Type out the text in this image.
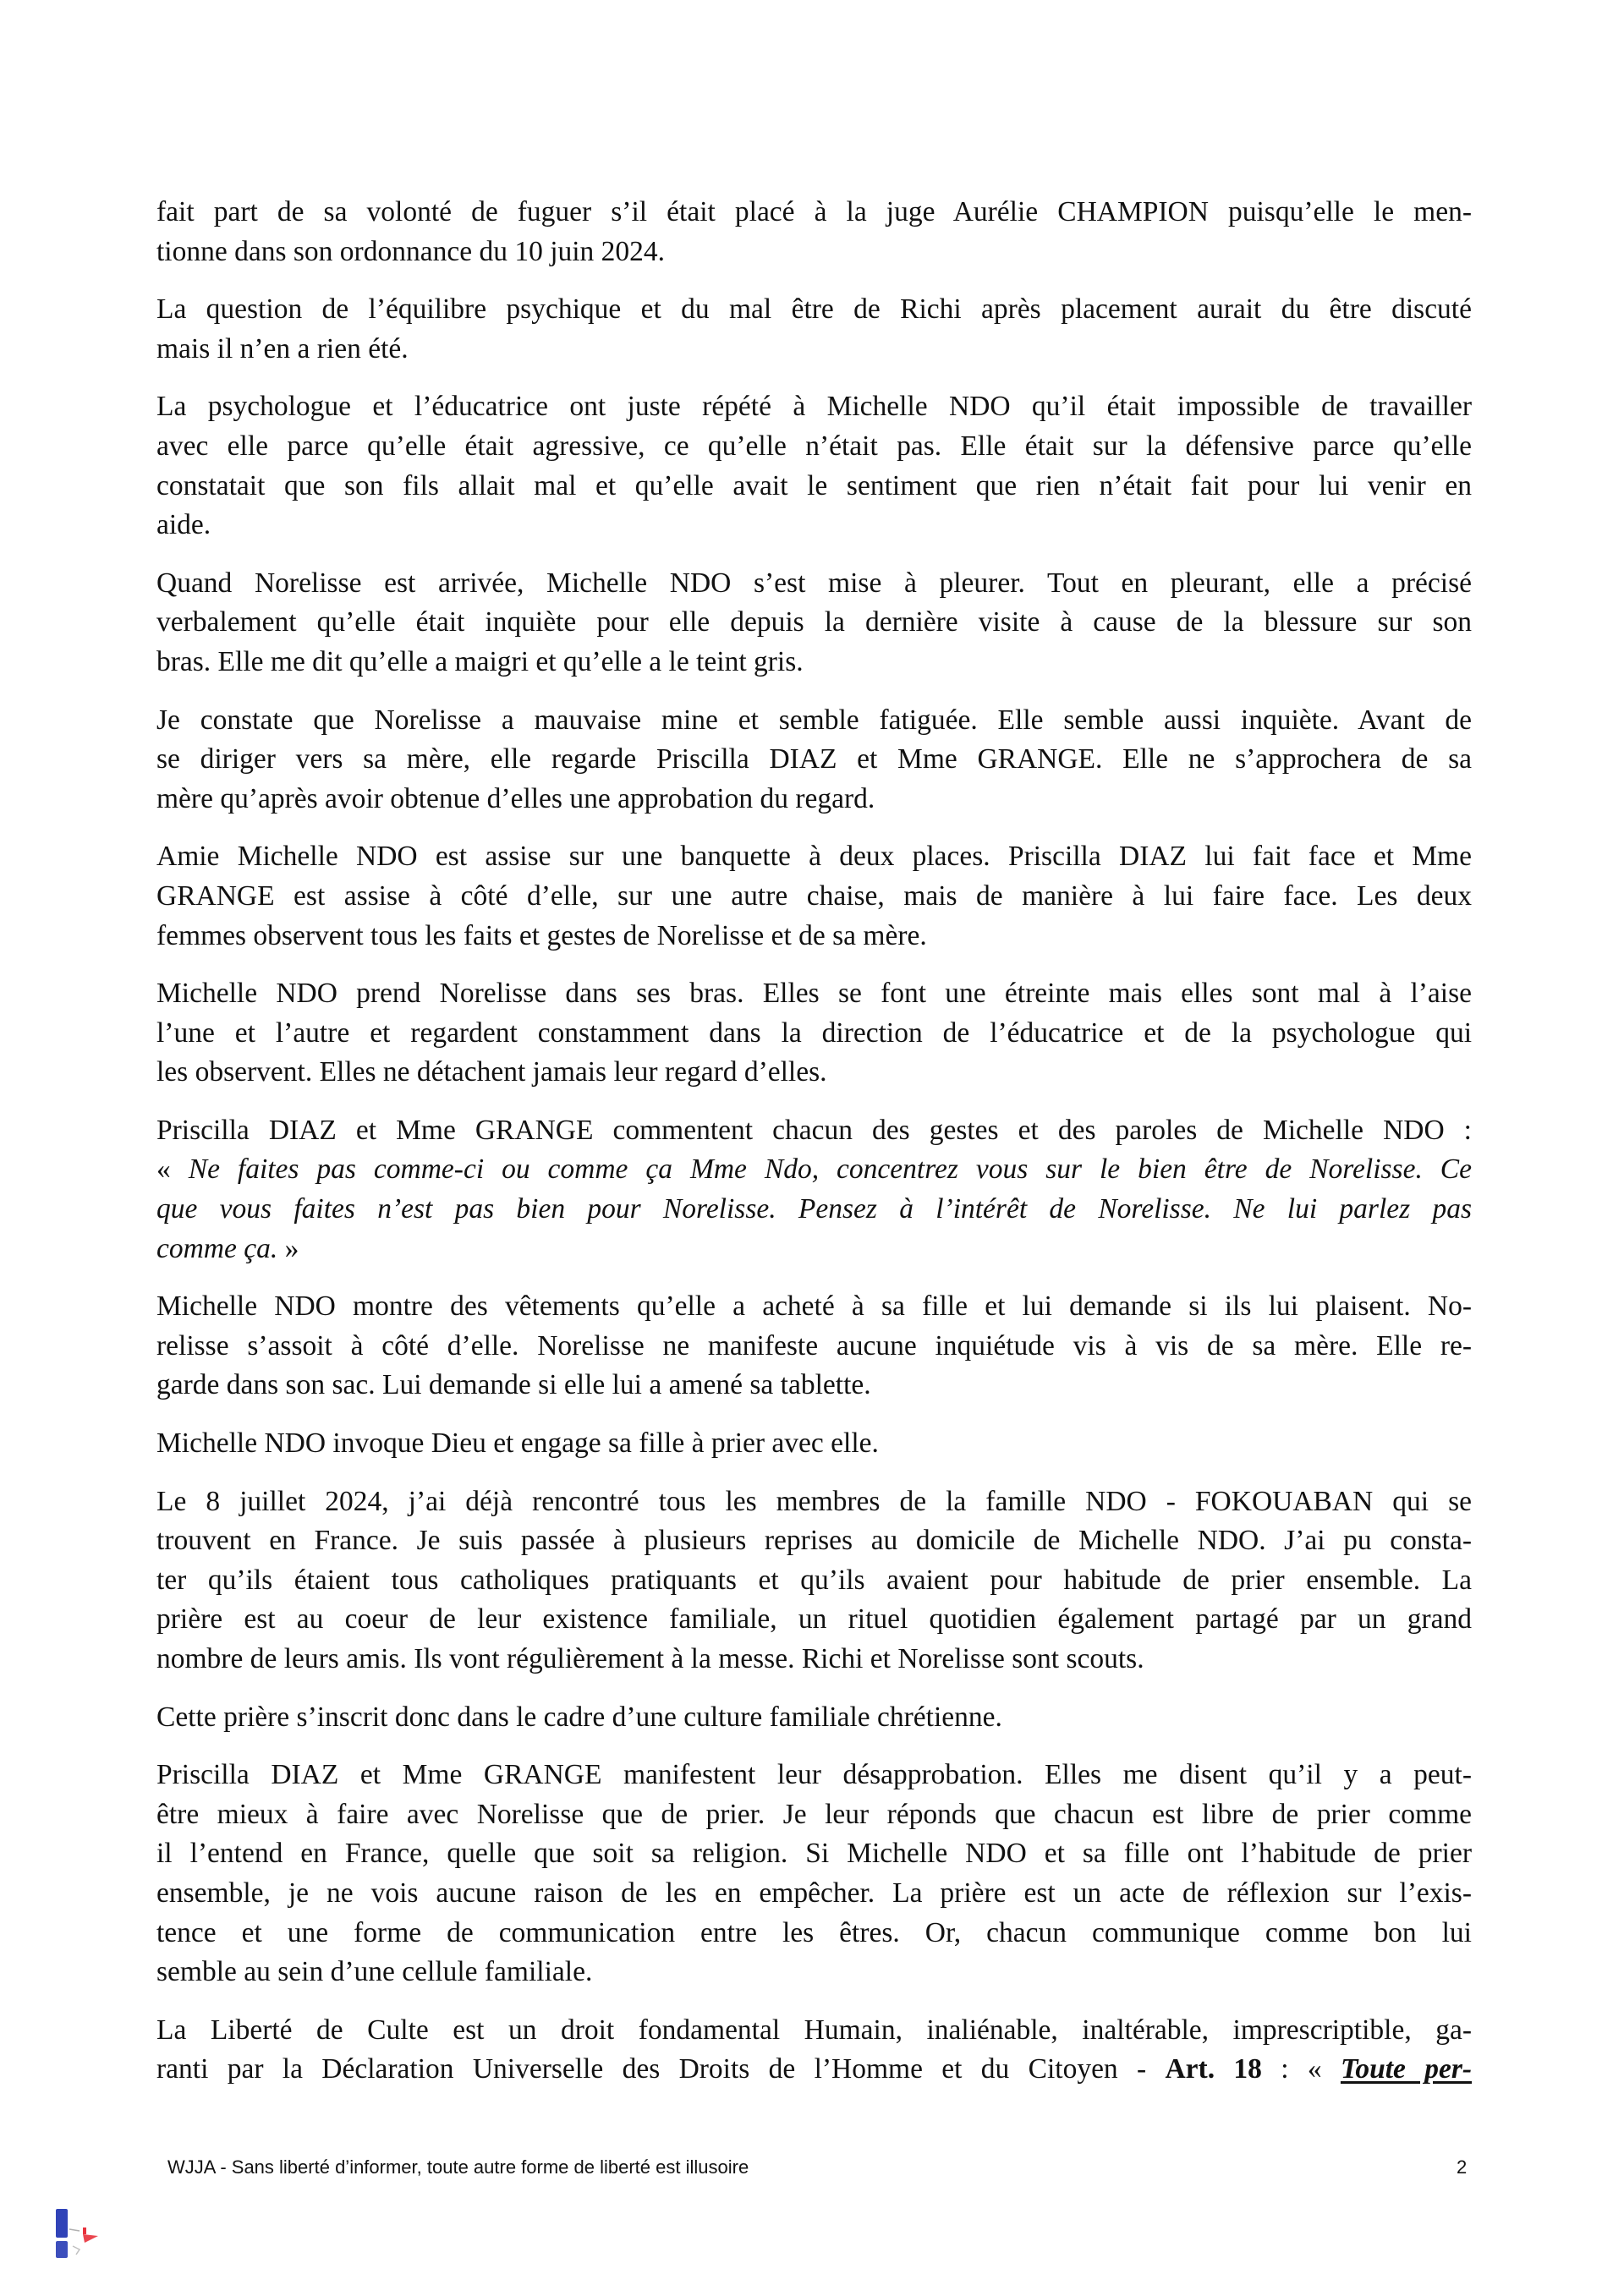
fait part de sa volonté de fuguer s’il était placé à la juge Aurélie CHAMPION puisqu’elle le men-
tionne dans son ordonnance du 10 juin 2024.
La question de l’équilibre psychique et du mal être de Richi après placement aurait du être discuté
mais il n’en a rien été.
La psychologue et l’éducatrice ont juste répété à Michelle NDO qu’il était impossible de travailler
avec elle parce qu’elle était agressive, ce qu’elle n’était pas. Elle était sur la défensive parce qu’elle
constatait que son fils allait mal et qu’elle avait le sentiment que rien n’était fait pour lui venir en
aide.
Quand Norelisse est arrivée, Michelle NDO s’est mise à pleurer. Tout en pleurant, elle a précisé
verbalement qu’elle était inquiète pour elle depuis la dernière visite à cause de la blessure sur son
bras. Elle me dit qu’elle a maigri et qu’elle a le teint gris.
Je constate que Norelisse a mauvaise mine et semble fatiguée. Elle semble aussi inquiète. Avant de
se diriger vers sa mère, elle regarde Priscilla DIAZ et Mme GRANGE. Elle ne s’approchera de sa
mère qu’après avoir obtenue d’elles une approbation du regard.
Amie Michelle NDO est assise sur une banquette à deux places. Priscilla DIAZ lui fait face et Mme
GRANGE est assise à côté d’elle, sur une autre chaise, mais de manière à lui faire face. Les deux
femmes observent tous les faits et gestes de Norelisse et de sa mère.
Michelle NDO prend Norelisse dans ses bras. Elles se font une étreinte mais elles sont mal à l’aise
l’une et l’autre et regardent constamment dans la direction de l’éducatrice et de la psychologue qui
les observent. Elles ne détachent jamais leur regard d’elles.
Priscilla DIAZ et Mme GRANGE commentent chacun des gestes et des paroles de Michelle NDO :
« Ne faites pas comme-ci ou comme ça Mme Ndo, concentrez vous sur le bien être de Norelisse. Ce
que vous faites n’est pas bien pour Norelisse. Pensez à l’intérêt de Norelisse. Ne lui parlez pas
comme ça. »
Michelle NDO montre des vêtements qu’elle a acheté à sa fille et lui demande si ils lui plaisent. No-
relisse s’assoit à côté d’elle. Norelisse ne manifeste aucune inquiétude vis à vis de sa mère. Elle re-
garde dans son sac. Lui demande si elle lui a amené sa tablette.
Michelle NDO invoque Dieu et engage sa fille à prier avec elle.
Le 8 juillet 2024, j’ai déjà rencontré tous les membres de la famille NDO - FOKOUABAN qui se
trouvent en France. Je suis passée à plusieurs reprises au domicile de Michelle NDO. J’ai pu consta-
ter qu’ils étaient tous catholiques pratiquants et qu’ils avaient pour habitude de prier ensemble. La
prière est au coeur de leur existence familiale, un rituel quotidien également partagé par un grand
nombre de leurs amis. Ils vont régulièrement à la messe. Richi et Norelisse sont scouts.
Cette prière s’inscrit donc dans le cadre d’une culture familiale chrétienne.
Priscilla DIAZ et Mme GRANGE manifestent leur désapprobation. Elles me disent qu’il y a peut-
être mieux à faire avec Norelisse que de prier. Je leur réponds que chacun est libre de prier comme
il l’entend en France, quelle que soit sa religion. Si Michelle NDO et sa fille ont l’habitude de prier
ensemble, je ne vois aucune raison de les en empêcher. La prière est un acte de réflexion sur l’exis-
tence et une forme de communication entre les êtres. Or, chacun communique comme bon lui
semble au sein d’une cellule familiale.
La Liberté de Culte est un droit fondamental Humain, inaliénable, inaltérable, imprescriptible, ga-
ranti par la Déclaration Universelle des Droits de l’Homme et du Citoyen - Art. 18 : « Toute per-
WJJA - Sans liberté d’informer, toute autre forme de liberté est illusoire	2
